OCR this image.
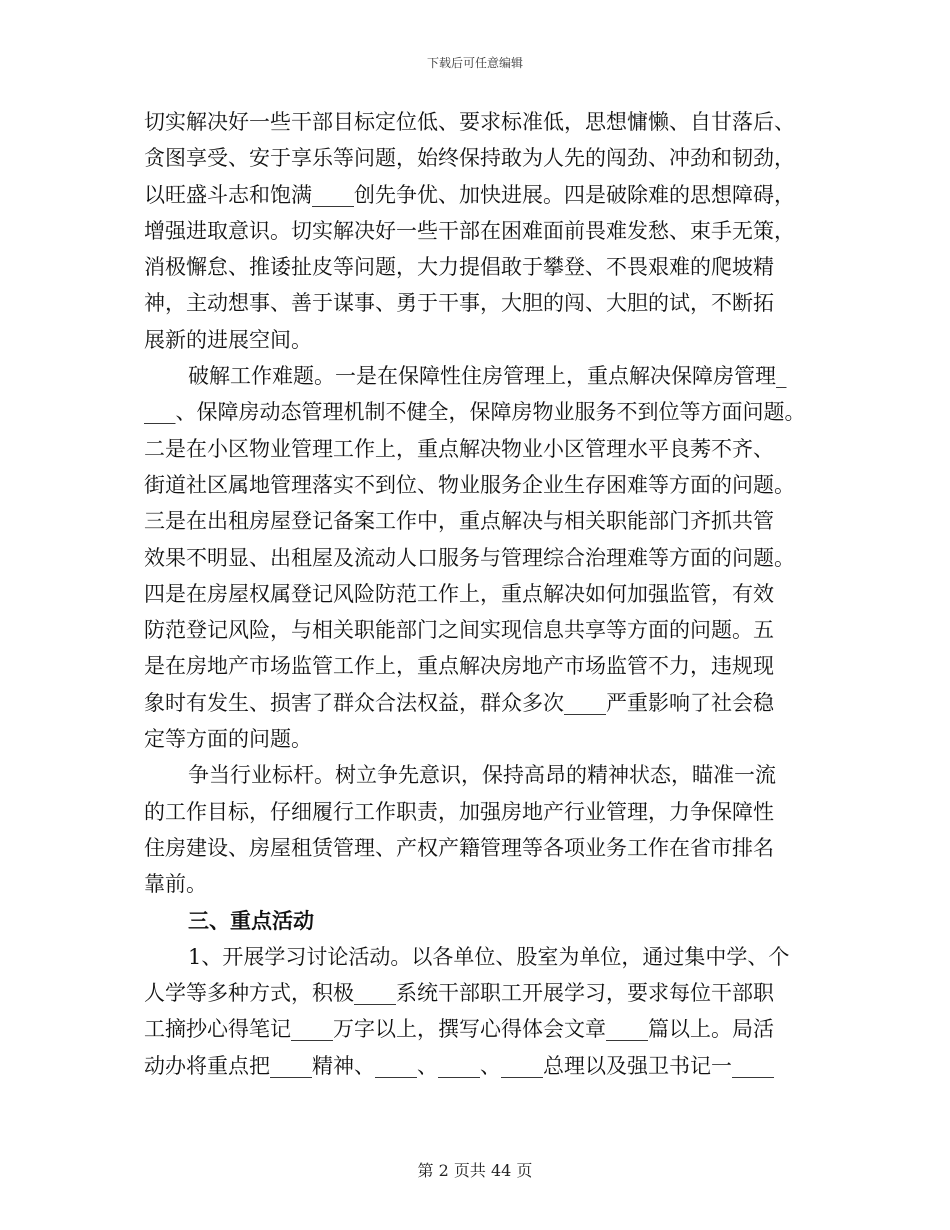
下载后可任意编辑
切实解决好一些干部目标定位低、要求标准低，思想慵懒、自甘落后、
贪图享受、安于享乐等问题，始终保持敢为人先的闯劲、冲劲和韧劲，
以旺盛斗志和饱满____创先争优、加快进展。四是破除难的思想障碍，
增强进取意识。切实解决好一些干部在困难面前畏难发愁、束手无策，
消极懈怠、推诿扯皮等问题，大力提倡敢于攀登、不畏艰难的爬坡精
神，主动想事、善于谋事、勇于干事，大胆的闯、大胆的试，不断拓
展新的进展空间。
破解工作难题。一是在保障性住房管理上，重点解决保障房管理_
___、保障房动态管理机制不健全，保障房物业服务不到位等方面问题。
二是在小区物业管理工作上，重点解决物业小区管理水平良莠不齐、
街道社区属地管理落实不到位、物业服务企业生存困难等方面的问题。
三是在出租房屋登记备案工作中，重点解决与相关职能部门齐抓共管
效果不明显、出租屋及流动人口服务与管理综合治理难等方面的问题。
四是在房屋权属登记风险防范工作上，重点解决如何加强监管，有效
防范登记风险，与相关职能部门之间实现信息共享等方面的问题。五
是在房地产市场监管工作上，重点解决房地产市场监管不力，违规现
象时有发生、损害了群众合法权益，群众多次____严重影响了社会稳
定等方面的问题。
争当行业标杆。树立争先意识，保持高昂的精神状态，瞄准一流
的工作目标，仔细履行工作职责，加强房地产行业管理，力争保障性
住房建设、房屋租赁管理、产权产籍管理等各项业务工作在省市排名
靠前。
三、重点活动
1、开展学习讨论活动。以各单位、股室为单位，通过集中学、个
人学等多种方式，积极____系统干部职工开展学习，要求每位干部职
工摘抄心得笔记____万字以上，撰写心得体会文章____篇以上。局活
动办将重点把____精神、____、____、____总理以及强卫书记一____
第 2 页共 44 页
